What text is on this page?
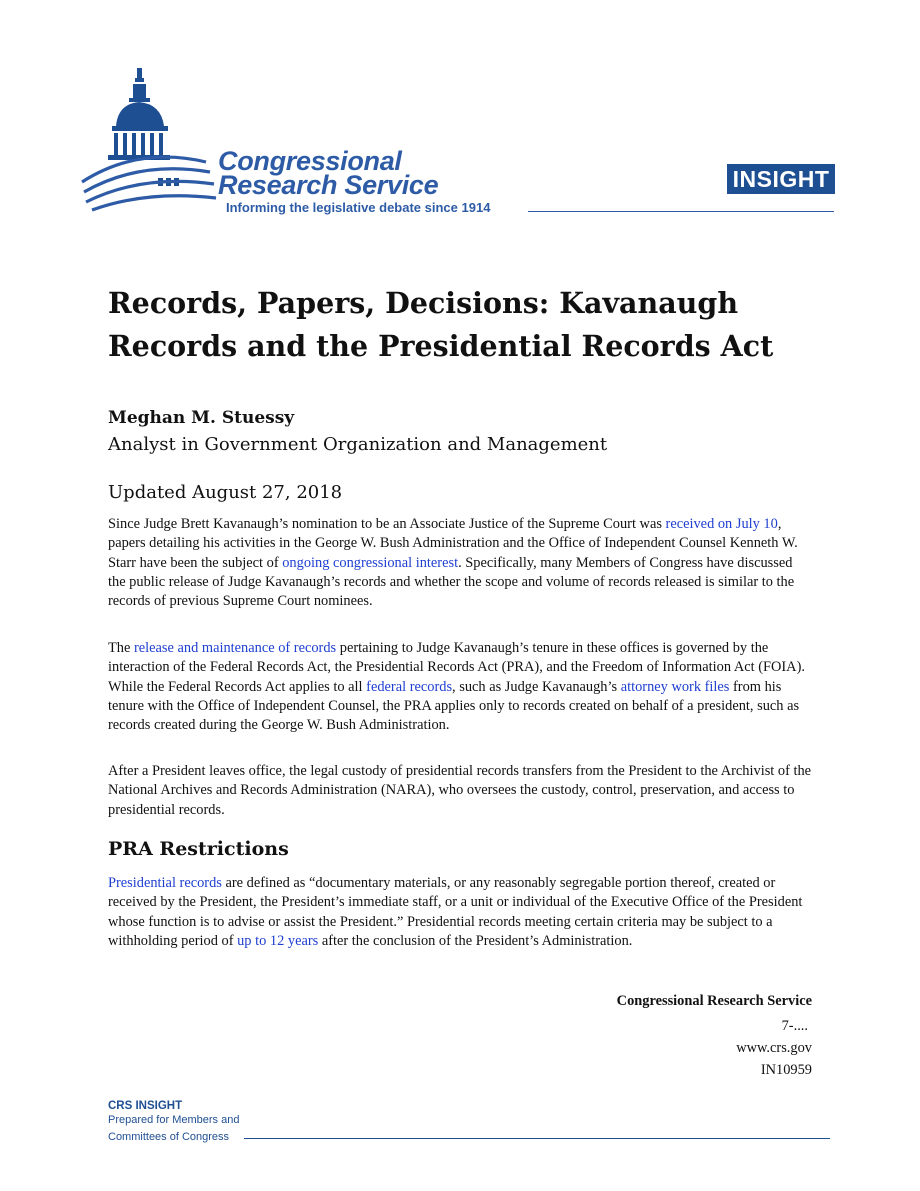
Congressional
Research Service
Informing the legislative debate since 1914
INSIGHT
Records, Papers, Decisions: Kavanaugh Records and the Presidential Records Act
Meghan M. Stuessy
Analyst in Government Organization and Management
Updated August 27, 2018

Since Judge Brett Kavanaugh’s nomination to be an Associate Justice of the Supreme Court was received on July 10, papers detailing his activities in the George W. Bush Administration and the Office of Independent Counsel Kenneth W. Starr have been the subject of ongoing congressional interest. Specifically, many Members of Congress have discussed the public release of Judge Kavanaugh’s records and whether the scope and volume of records released is similar to the records of previous Supreme Court nominees.

The release and maintenance of records pertaining to Judge Kavanaugh’s tenure in these offices is governed by the interaction of the Federal Records Act, the Presidential Records Act (PRA), and the Freedom of Information Act (FOIA). While the Federal Records Act applies to all federal records, such as Judge Kavanaugh’s attorney work files from his tenure with the Office of Independent Counsel, the PRA applies only to records created on behalf of a president, such as records created during the George W. Bush Administration.

After a President leaves office, the legal custody of presidential records transfers from the President to the Archivist of the National Archives and Records Administration (NARA), who oversees the custody, control, preservation, and access to presidential records.

PRA Restrictions

Presidential records are defined as “documentary materials, or any reasonably segregable portion thereof, created or received by the President, the President’s immediate staff, or a unit or individual of the Executive Office of the President whose function is to advise or assist the President.” Presidential records meeting certain criteria may be subject to a withholding period of up to 12 years after the conclusion of the President’s Administration.

Congressional Research Service
7-....
www.crs.gov
IN10959
CRS INSIGHT
Prepared for Members and
Committees of Congress
